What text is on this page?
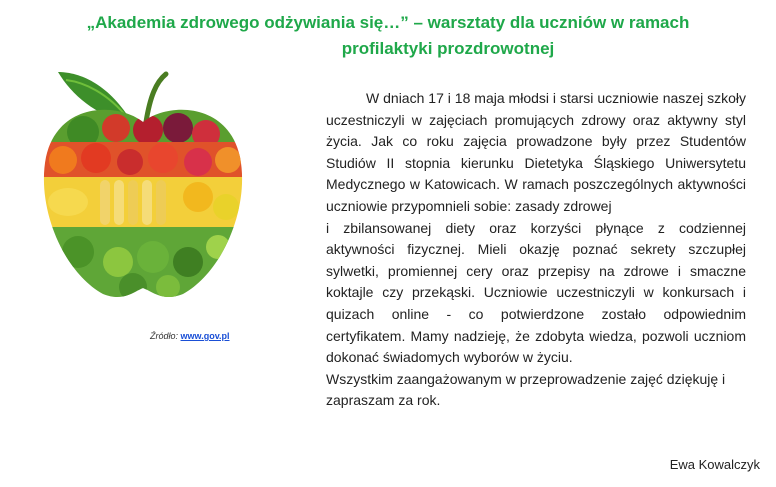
„Akademia zdrowego odżywiania się…” – warsztaty dla uczniów w ramach
profilaktyki prozdrowotnej
Źródło: www.gov.pl

W dniach 17 i 18 maja młodsi i starsi uczniowie naszej szkoły uczestniczyli w zajęciach promujących zdrowy oraz aktywny styl życia. Jak co roku zajęcia prowadzone były przez Studentów Studiów II stopnia kierunku Dietetyka Śląskiego Uniwersytetu Medycznego w Katowicach. W ramach poszczególnych aktywności uczniowie przypomnieli sobie: zasady zdrowej

i zbilansowanej diety oraz korzyści płynące z codziennej aktywności fizycznej. Mieli okazję poznać sekrety szczupłej sylwetki, promiennej cery oraz przepisy na zdrowe i smaczne koktajle czy przekąski. Uczniowie uczestniczyli w konkursach i quizach online - co potwierdzone zostało odpowiednim certyfikatem. Mamy nadzieję, że zdobyta wiedza, pozwoli uczniom dokonać świadomych wyborów w życiu.

Wszystkim zaangażowanym w przeprowadzenie zajęć dziękuję i zapraszam za rok.

Ewa Kowalczyk
